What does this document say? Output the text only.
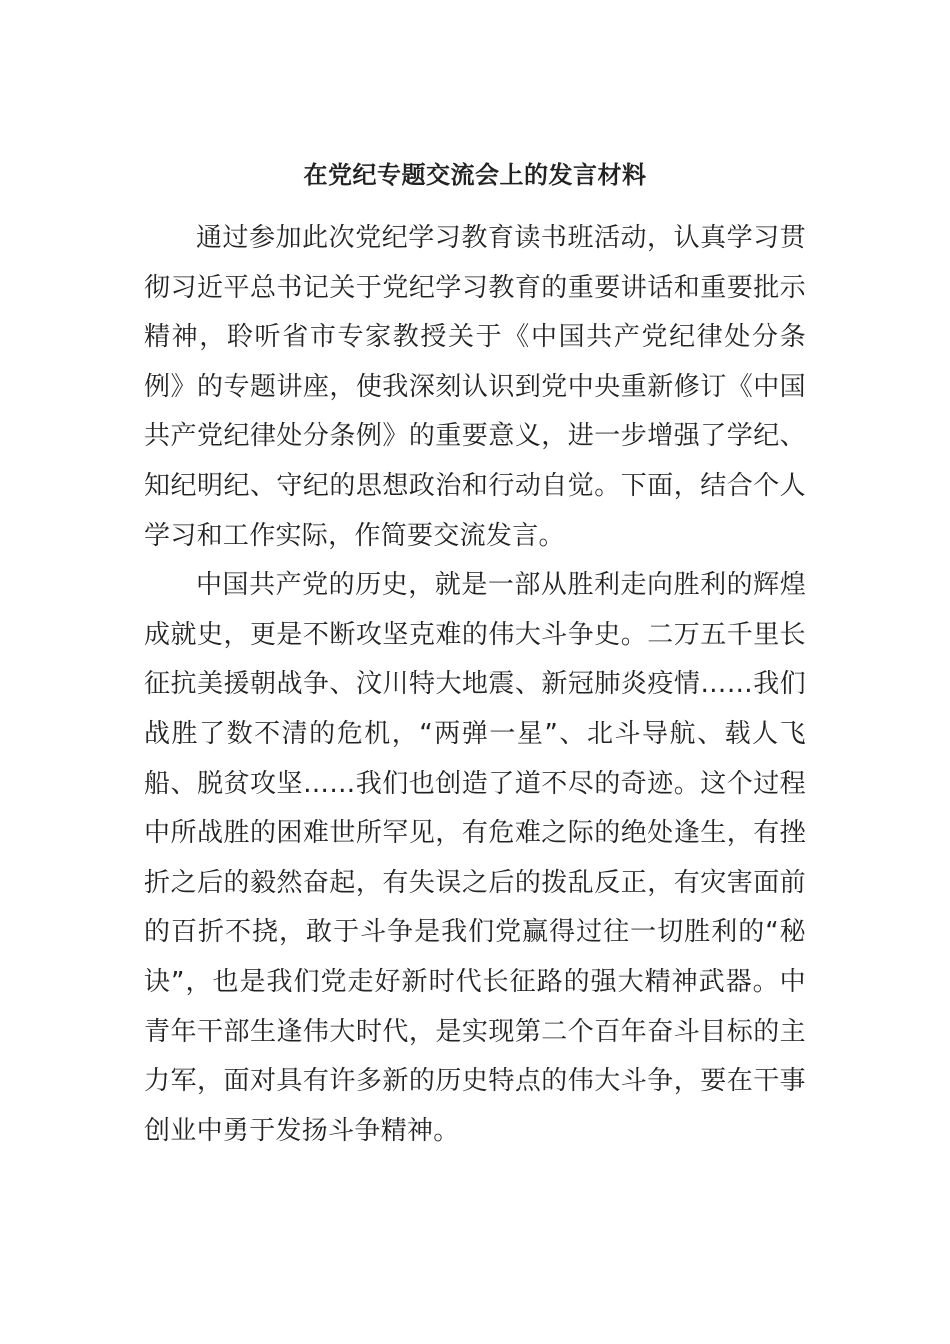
在党纪专题交流会上的发言材料

通过参加此次党纪学习教育读书班活动，认真学习贯彻习近平总书记关于党纪学习教育的重要讲话和重要批示精神，聆听省市专家教授关于《中国共产党纪律处分条例》的专题讲座，使我深刻认识到党中央重新修订《中国共产党纪律处分条例》的重要意义，进一步增强了学纪、知纪明纪、守纪的思想政治和行动自觉。下面，结合个人学习和工作实际，作简要交流发言。

中国共产党的历史，就是一部从胜利走向胜利的辉煌成就史，更是不断攻坚克难的伟大斗争史。二万五千里长征抗美援朝战争、汶川特大地震、新冠肺炎疫情……我们战胜了数不清的危机，“两弹一星”、北斗导航、载人飞船、脱贫攻坚……我们也创造了道不尽的奇迹。这个过程中所战胜的困难世所罕见，有危难之际的绝处逢生，有挫折之后的毅然奋起，有失误之后的拨乱反正，有灾害面前的百折不挠，敢于斗争是我们党赢得过往一切胜利的“秘诀”，也是我们党走好新时代长征路的强大精神武器。中青年干部生逢伟大时代，是实现第二个百年奋斗目标的主力军，面对具有许多新的历史特点的伟大斗争，要在干事创业中勇于发扬斗争精神。
